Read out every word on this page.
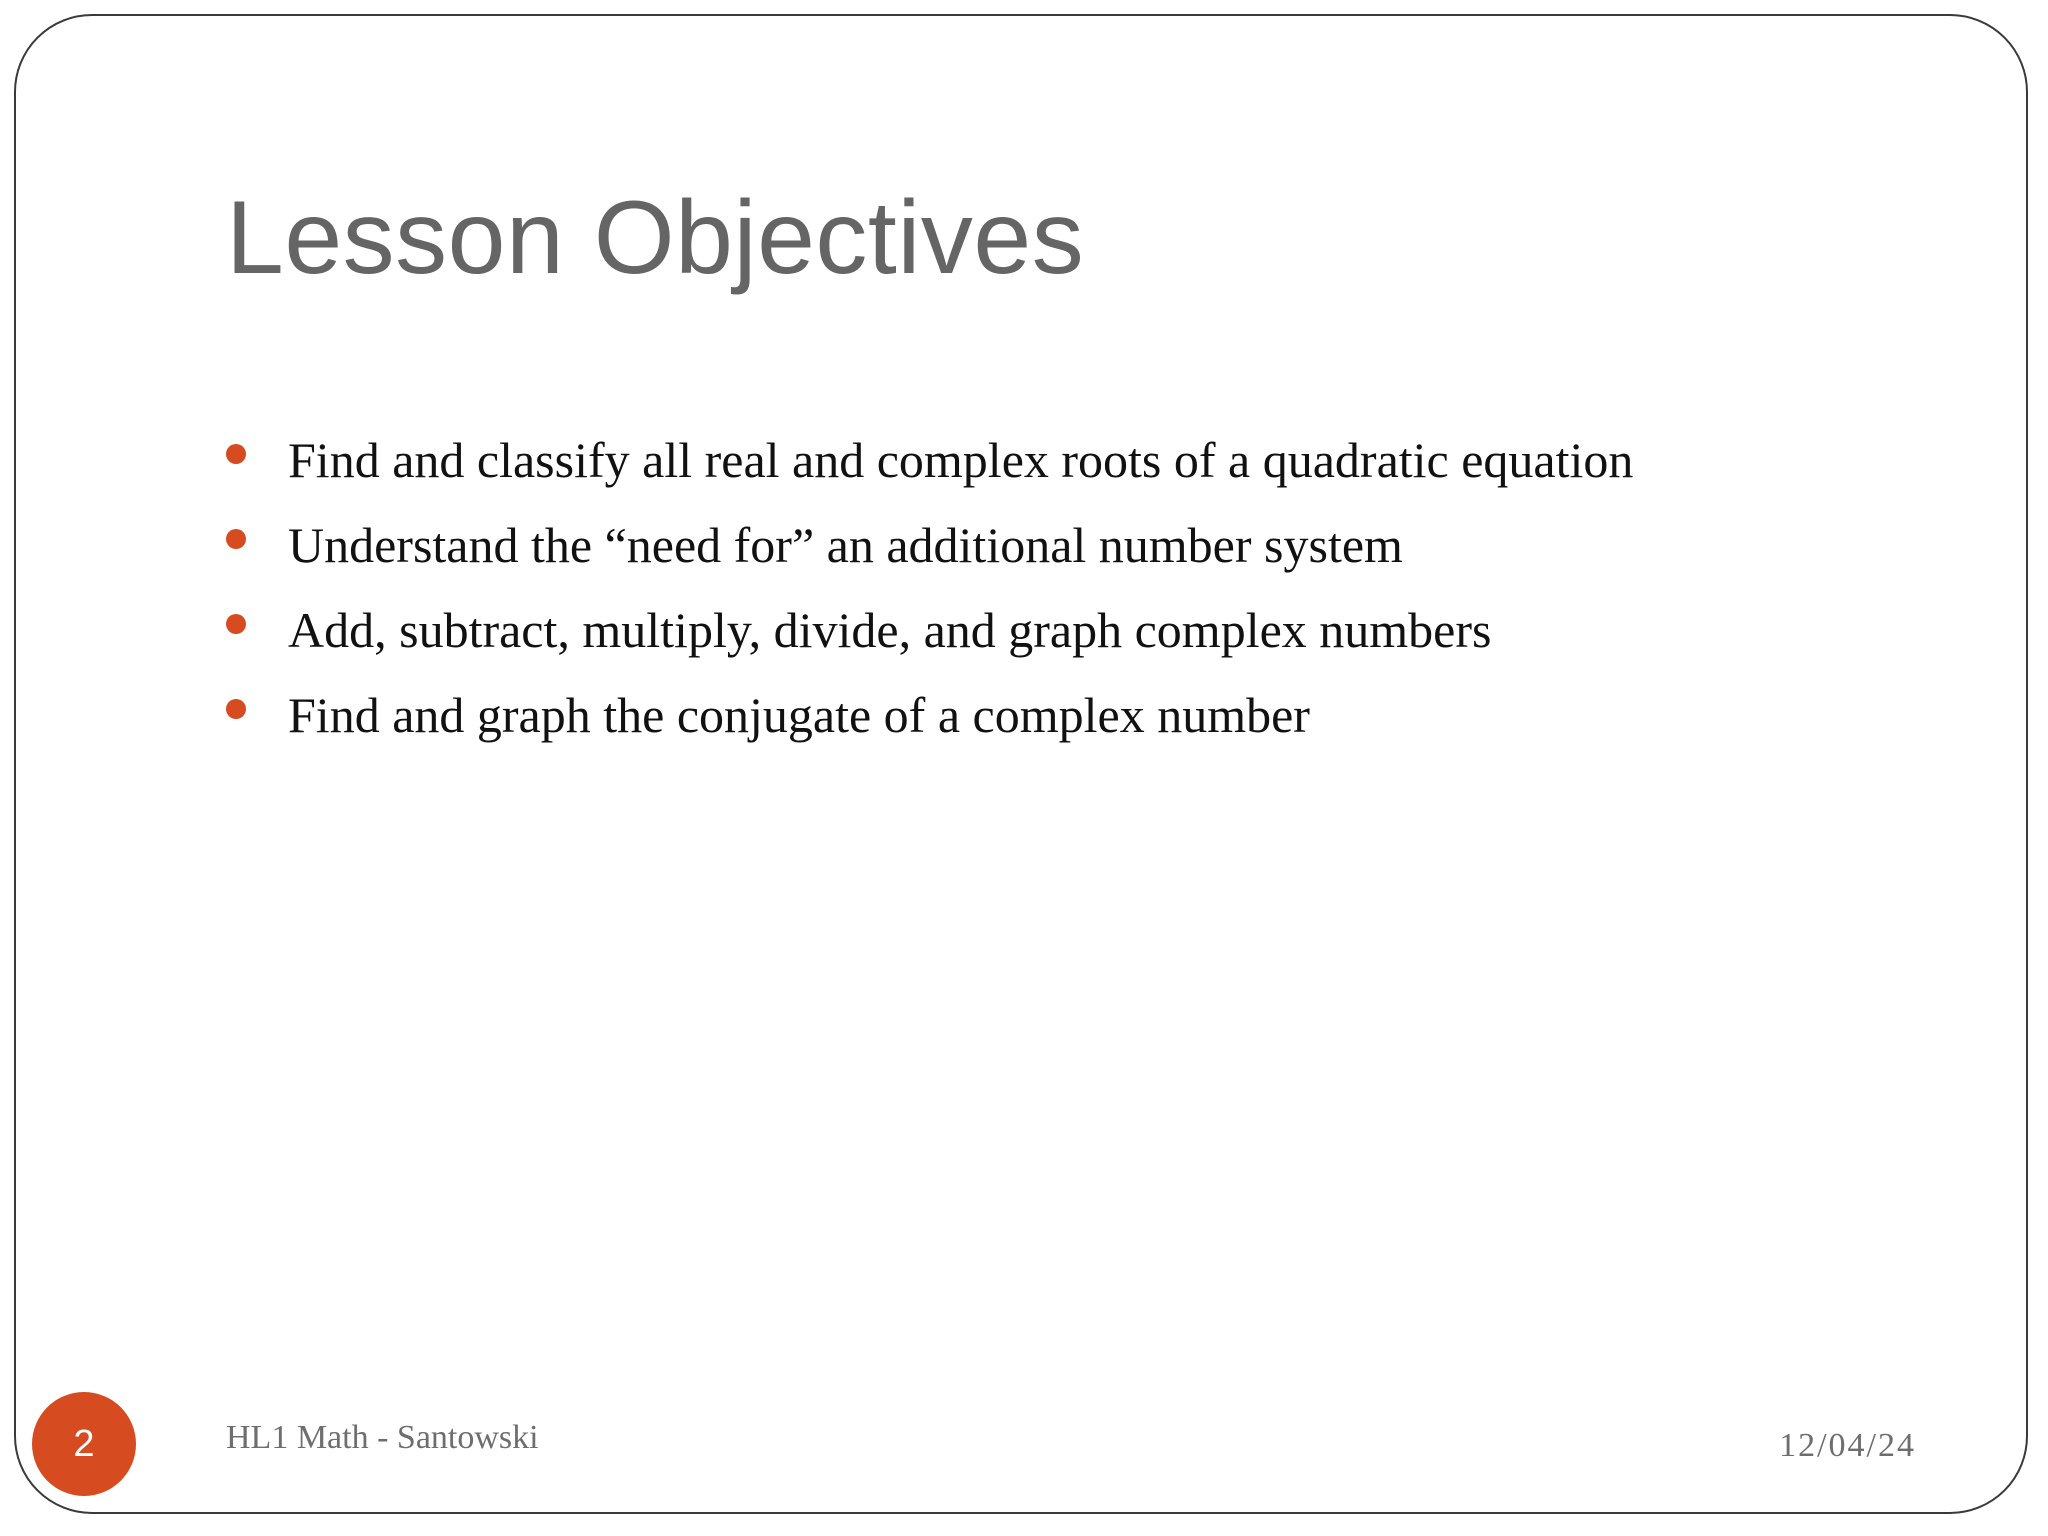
Lesson Objectives
Find and classify all real and complex roots of a quadratic equation
Understand the “need for” an additional number system
Add, subtract, multiply, divide, and graph complex numbers
Find and graph the conjugate of a complex number
2	HL1 Math - Santowski	12/04/24
